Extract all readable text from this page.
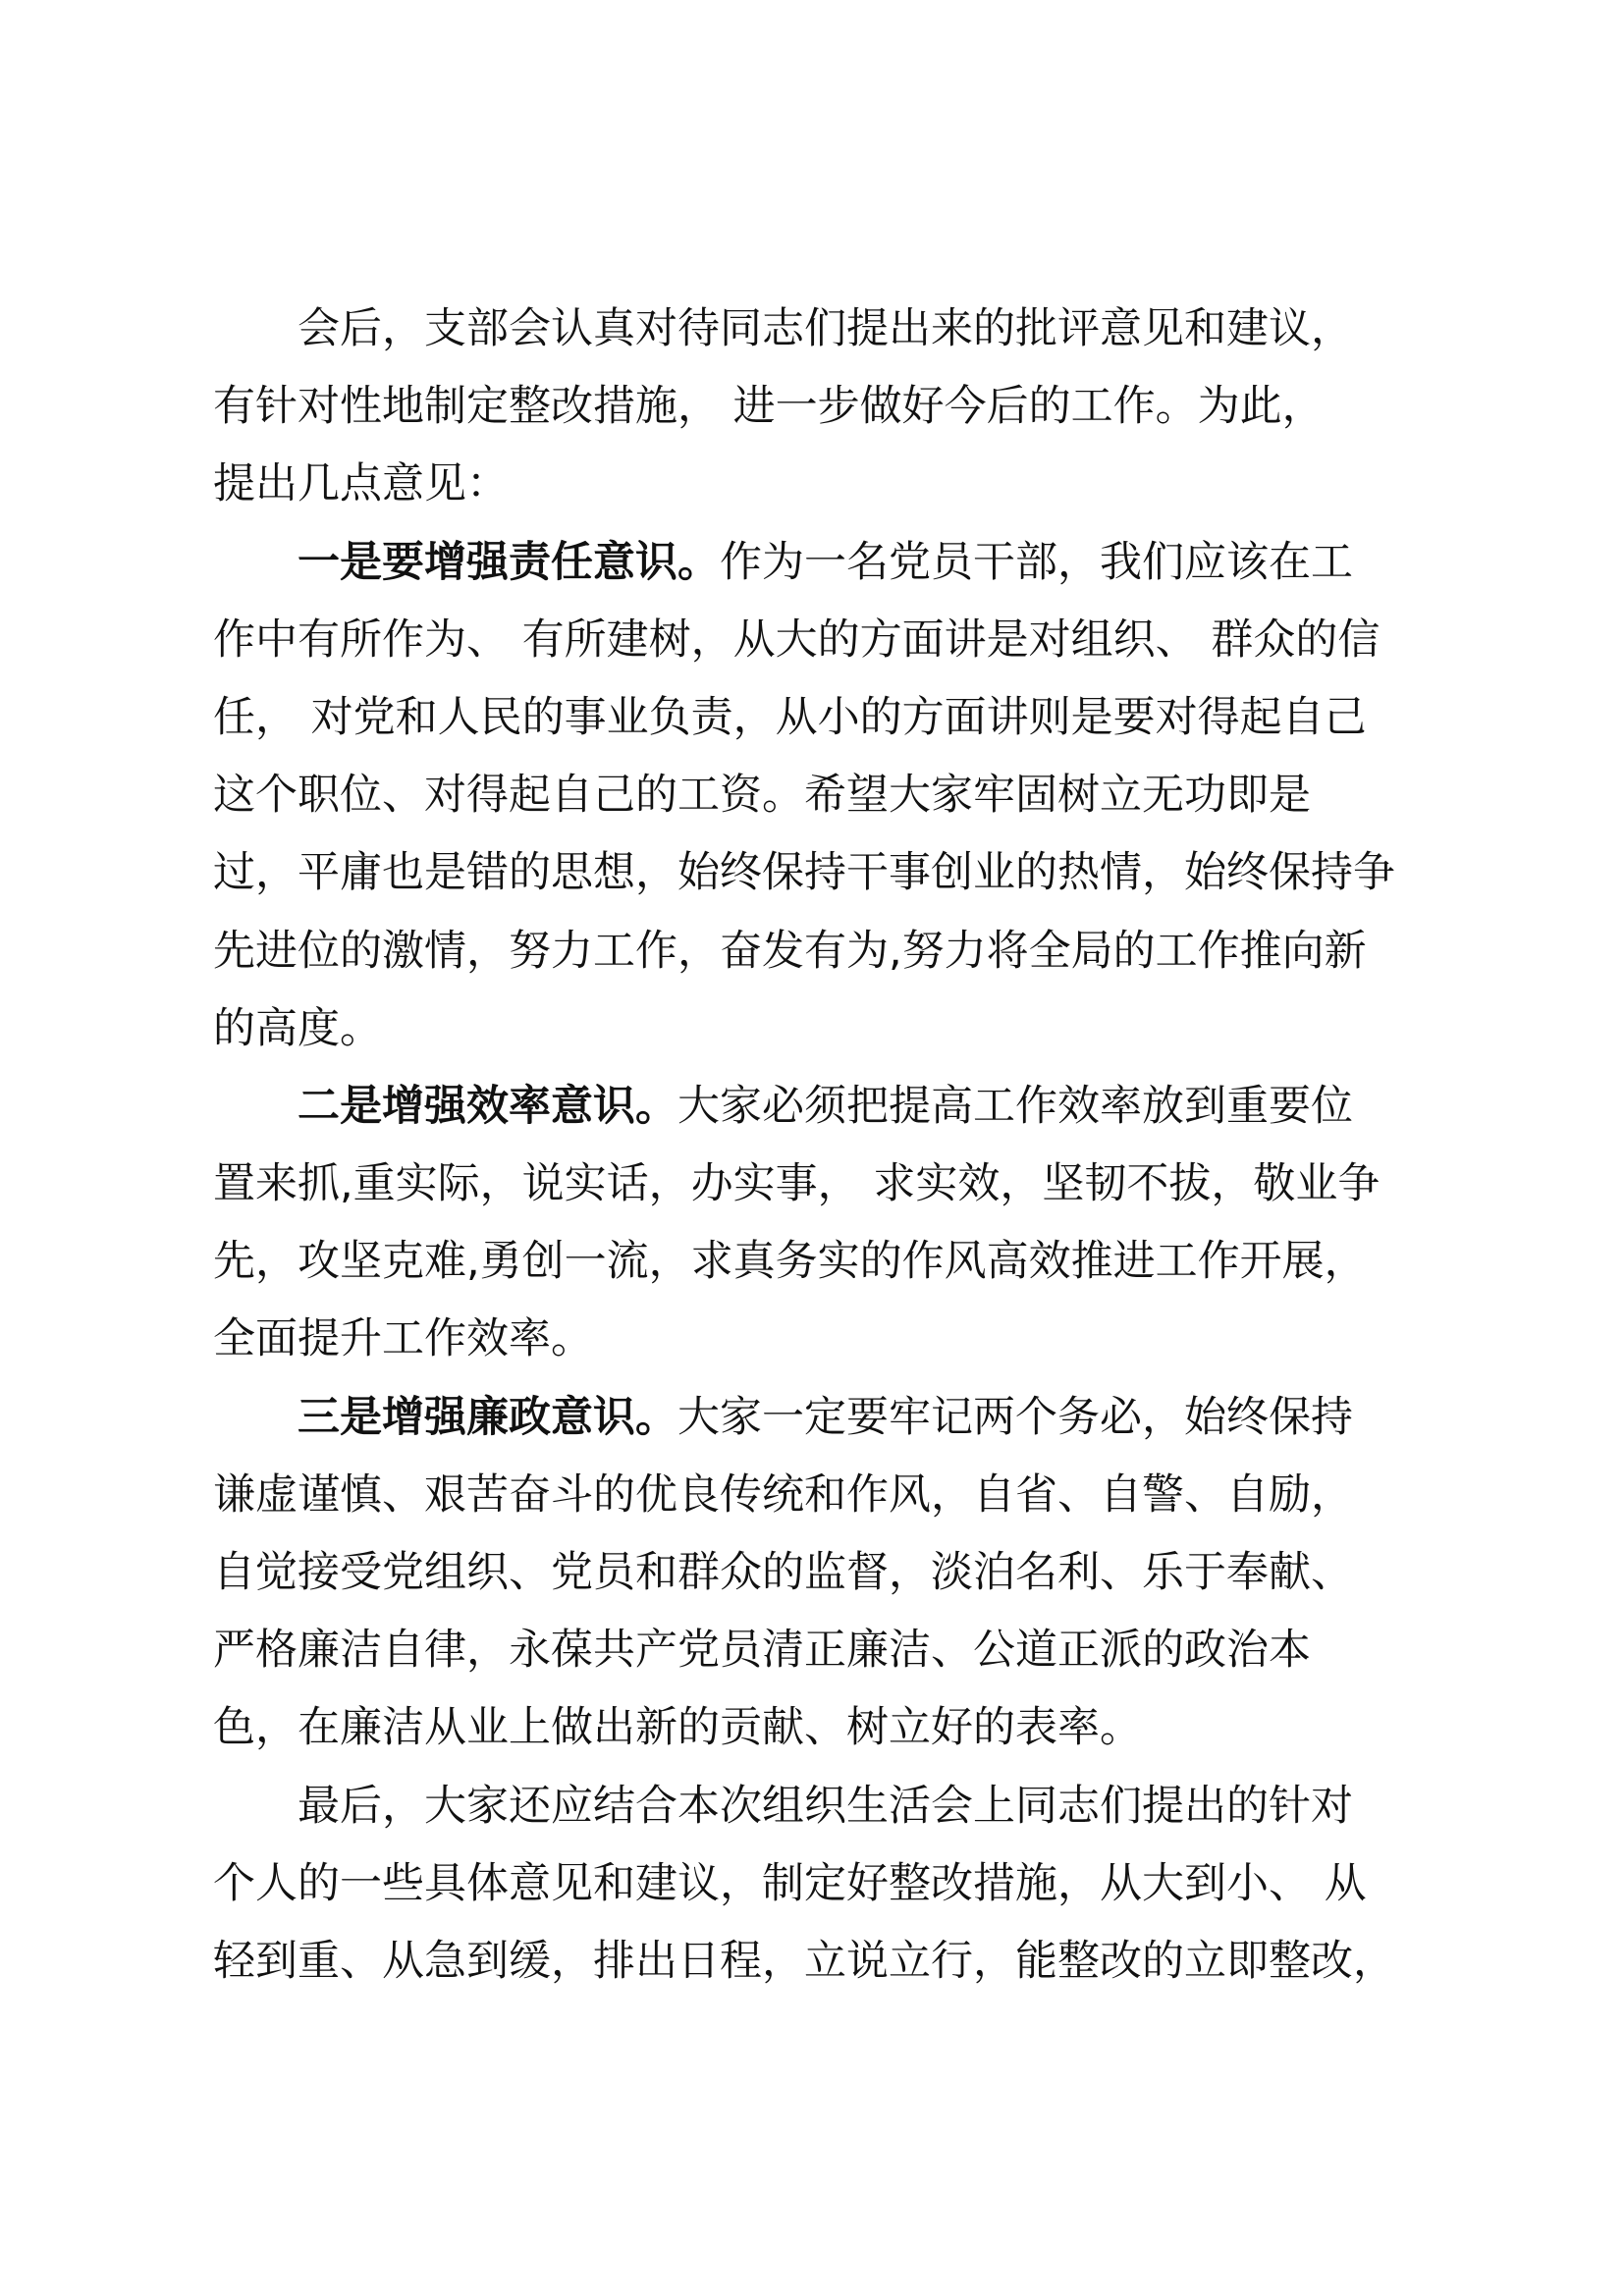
会后，支部会认真对待同志们提出来的批评意见和建议，
有针对性地制定整改措施， 进一步做好今后的工作。为此，
提出几点意见：
一是要增强责任意识。作为一名党员干部，我们应该在工
作中有所作为、 有所建树，从大的方面讲是对组织、 群众的信
任， 对党和人民的事业负责，从小的方面讲则是要对得起自己
这个职位、对得起自己的工资。希望大家牢固树立无功即是
过，平庸也是错的思想，始终保持干事创业的热情，始终保持争
先进位的激情，努力工作，奋发有为,努力将全局的工作推向新
的高度。
二是增强效率意识。大家必须把提高工作效率放到重要位
置来抓,重实际，说实话，办实事， 求实效，坚韧不拔，敬业争
先，攻坚克难,勇创一流，求真务实的作风高效推进工作开展，
全面提升工作效率。
三是增强廉政意识。大家一定要牢记两个务必，始终保持
谦虚谨慎、艰苦奋斗的优良传统和作风，自省、自警、自励，
自觉接受党组织、党员和群众的监督，淡泊名利、乐于奉献、
严格廉洁自律，永葆共产党员清正廉洁、公道正派的政治本
色，在廉洁从业上做出新的贡献、树立好的表率。
最后，大家还应结合本次组织生活会上同志们提出的针对
个人的一些具体意见和建议，制定好整改措施，从大到小、 从
轻到重、从急到缓，排出日程，立说立行，能整改的立即整改，
